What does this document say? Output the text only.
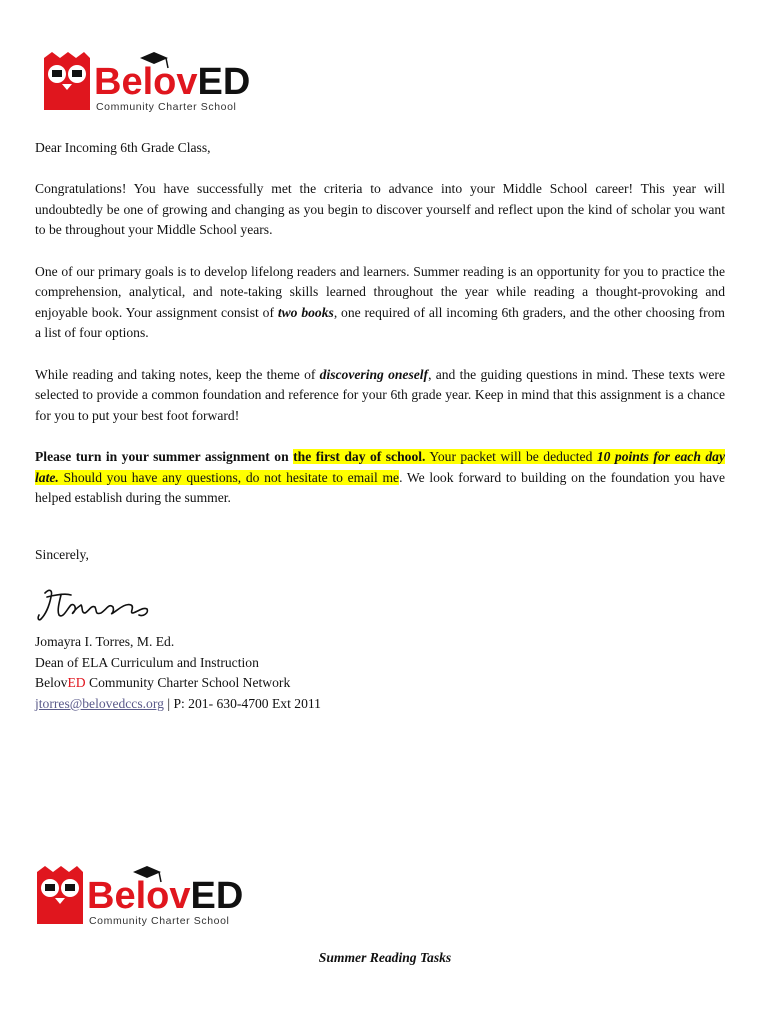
BelovED
Community Charter School

Dear Incoming 6th Grade Class,

Congratulations! You have successfully met the criteria to advance into your Middle School career! This year will undoubtedly be one of growing and changing as you begin to discover yourself and reflect upon the kind of scholar you want to be throughout your Middle School years.

One of our primary goals is to develop lifelong readers and learners. Summer reading is an opportunity for you to practice the comprehension, analytical, and note-taking skills learned throughout the year while reading a thought-provoking and enjoyable book. Your assignment consist of two books, one required of all incoming 6th graders, and the other choosing from a list of four options.

While reading and taking notes, keep the theme of discovering oneself, and the guiding questions in mind. These texts were selected to provide a common foundation and reference for your 6th grade year. Keep in mind that this assignment is a chance for you to put your best foot forward!

Please turn in your summer assignment on the first day of school. Your packet will be deducted 10 points for each day late. Should you have any questions, do not hesitate to email me. We look forward to building on the foundation you have helped establish during the summer.

Sincerely,
Jomayra I. Torres, M. Ed.
Dean of ELA Curriculum and Instruction
BelovED Community Charter School Network
jtorres@belovedccs.org | P: 201- 630-4700 Ext 2011
BelovED
Community Charter School
Summer Reading Tasks
